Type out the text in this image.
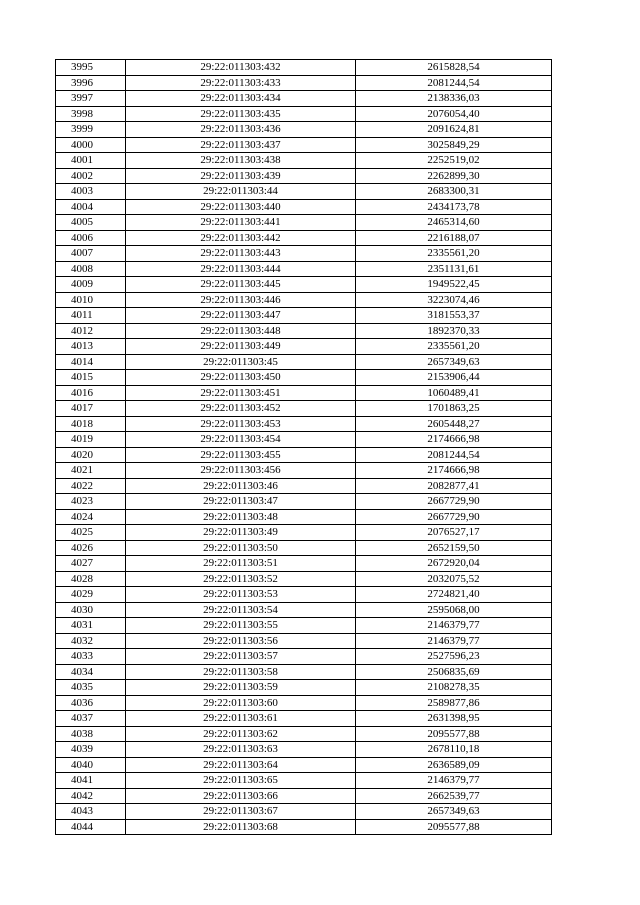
3995	29:22:011303:432	2615828,54
3996	29:22:011303:433	2081244,54
3997	29:22:011303:434	2138336,03
3998	29:22:011303:435	2076054,40
3999	29:22:011303:436	2091624,81
4000	29:22:011303:437	3025849,29
4001	29:22:011303:438	2252519,02
4002	29:22:011303:439	2262899,30
4003	29:22:011303:44	2683300,31
4004	29:22:011303:440	2434173,78
4005	29:22:011303:441	2465314,60
4006	29:22:011303:442	2216188,07
4007	29:22:011303:443	2335561,20
4008	29:22:011303:444	2351131,61
4009	29:22:011303:445	1949522,45
4010	29:22:011303:446	3223074,46
4011	29:22:011303:447	3181553,37
4012	29:22:011303:448	1892370,33
4013	29:22:011303:449	2335561,20
4014	29:22:011303:45	2657349,63
4015	29:22:011303:450	2153906,44
4016	29:22:011303:451	1060489,41
4017	29:22:011303:452	1701863,25
4018	29:22:011303:453	2605448,27
4019	29:22:011303:454	2174666,98
4020	29:22:011303:455	2081244,54
4021	29:22:011303:456	2174666,98
4022	29:22:011303:46	2082877,41
4023	29:22:011303:47	2667729,90
4024	29:22:011303:48	2667729,90
4025	29:22:011303:49	2076527,17
4026	29:22:011303:50	2652159,50
4027	29:22:011303:51	2672920,04
4028	29:22:011303:52	2032075,52
4029	29:22:011303:53	2724821,40
4030	29:22:011303:54	2595068,00
4031	29:22:011303:55	2146379,77
4032	29:22:011303:56	2146379,77
4033	29:22:011303:57	2527596,23
4034	29:22:011303:58	2506835,69
4035	29:22:011303:59	2108278,35
4036	29:22:011303:60	2589877,86
4037	29:22:011303:61	2631398,95
4038	29:22:011303:62	2095577,88
4039	29:22:011303:63	2678110,18
4040	29:22:011303:64	2636589,09
4041	29:22:011303:65	2146379,77
4042	29:22:011303:66	2662539,77
4043	29:22:011303:67	2657349,63
4044	29:22:011303:68	2095577,88
